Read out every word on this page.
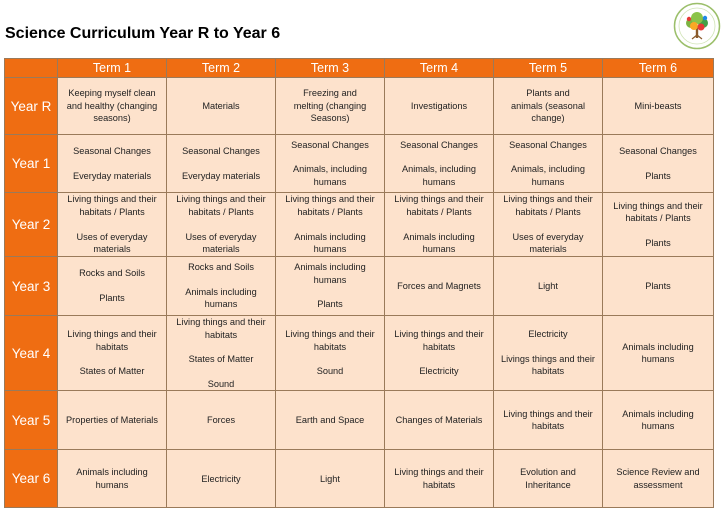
Science Curriculum Year R to Year 6
	Term 1	Term 2	Term 3	Term 4	Term 5	Term 6
Year R	Keeping myself clean
and healthy (changing
seasons)	Materials	Freezing and
melting (changing
Seasons)	Investigations	Plants and
animals (seasonal
change)	Mini-beasts

Year 1	Seasonal Changes
Everyday materials	Seasonal Changes
Everyday materials	Seasonal Changes
Animals, including
humans	Seasonal Changes
Animals, including
humans	Seasonal Changes
Animals, including
humans	Seasonal Changes
Plants

Year 2	Living things and their
habitats / Plants
Uses of everyday
materials	Living things and their
habitats / Plants
Uses of everyday
materials	Living things and their
habitats / Plants
Animals including
humans	Living things and their
habitats / Plants
Animals including
humans	Living things and their
habitats / Plants
Uses of everyday
materials	Living things and their
habitats / Plants
Plants

Year 3	Rocks and Soils
Plants	Rocks and Soils
Animals including
humans	Animals including
humans
Plants	Forces and Magnets	Light	Plants

Year 4	Living things and their
habitats
States of Matter	Living things and their
habitats
States of Matter
Sound	Living things and their
habitats
Sound	Living things and their
habitats
Electricity	Electricity
Livings things and their
habitats	Animals including
humans

Year 5	Properties of Materials	Forces	Earth and Space	Changes of Materials	Living things and their
habitats	Animals including
humans

Year 6	Animals including
humans	Electricity	Light	Living things and their
habitats	Evolution and
Inheritance	Science Review and
assessment
